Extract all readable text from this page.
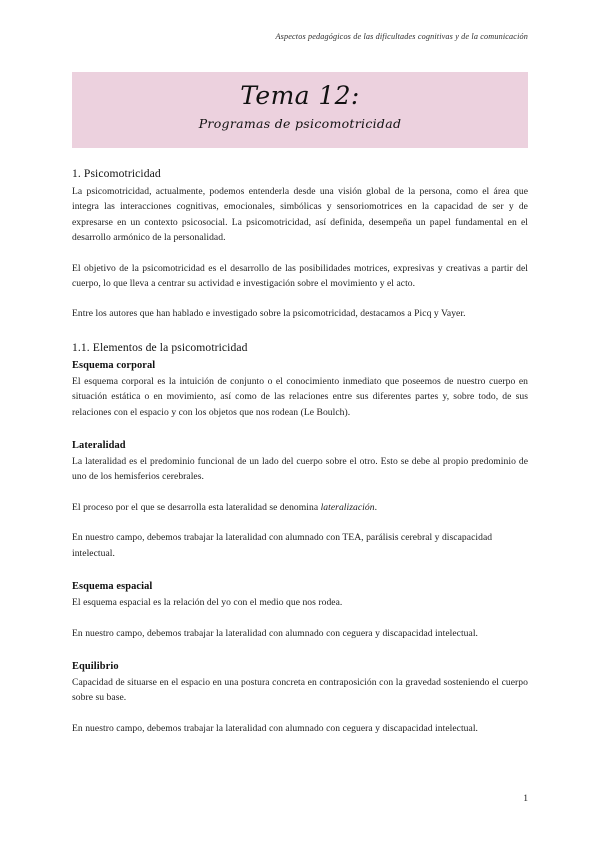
Aspectos pedagógicos de las dificultades cognitivas y de la comunicación
Tema 12:
Programas de psicomotricidad
1. Psicomotricidad

La psicomotricidad, actualmente, podemos entenderla desde una visión global de la persona, como el área que integra las interacciones cognitivas, emocionales, simbólicas y sensoriomotrices en la capacidad de ser y de expresarse en un contexto psicosocial. La psicomotricidad, así definida, desempeña un papel fundamental en el desarrollo armónico de la personalidad.

El objetivo de la psicomotricidad es el desarrollo de las posibilidades motrices, expresivas y creativas a partir del cuerpo, lo que lleva a centrar su actividad e investigación sobre el movimiento y el acto.

Entre los autores que han hablado e investigado sobre la psicomotricidad, destacamos a Picq y Vayer.

1.1. Elementos de la psicomotricidad
Esquema corporal

El esquema corporal es la intuición de conjunto o el conocimiento inmediato que poseemos de nuestro cuerpo en situación estática o en movimiento, así como de las relaciones entre sus diferentes partes y, sobre todo, de sus relaciones con el espacio y con los objetos que nos rodean (Le Boulch).

Lateralidad

La lateralidad es el predominio funcional de un lado del cuerpo sobre el otro. Esto se debe al propio predominio de uno de los hemisferios cerebrales.

El proceso por el que se desarrolla esta lateralidad se denomina lateralización.

En nuestro campo, debemos trabajar la lateralidad con alumnado con TEA, parálisis cerebral y discapacidad intelectual.

Esquema espacial

El esquema espacial es la relación del yo con el medio que nos rodea.

En nuestro campo, debemos trabajar la lateralidad con alumnado con ceguera y discapacidad intelectual.

Equilibrio

Capacidad de situarse en el espacio en una postura concreta en contraposición con la gravedad sosteniendo el cuerpo sobre su base.

En nuestro campo, debemos trabajar la lateralidad con alumnado con ceguera y discapacidad intelectual.

1
